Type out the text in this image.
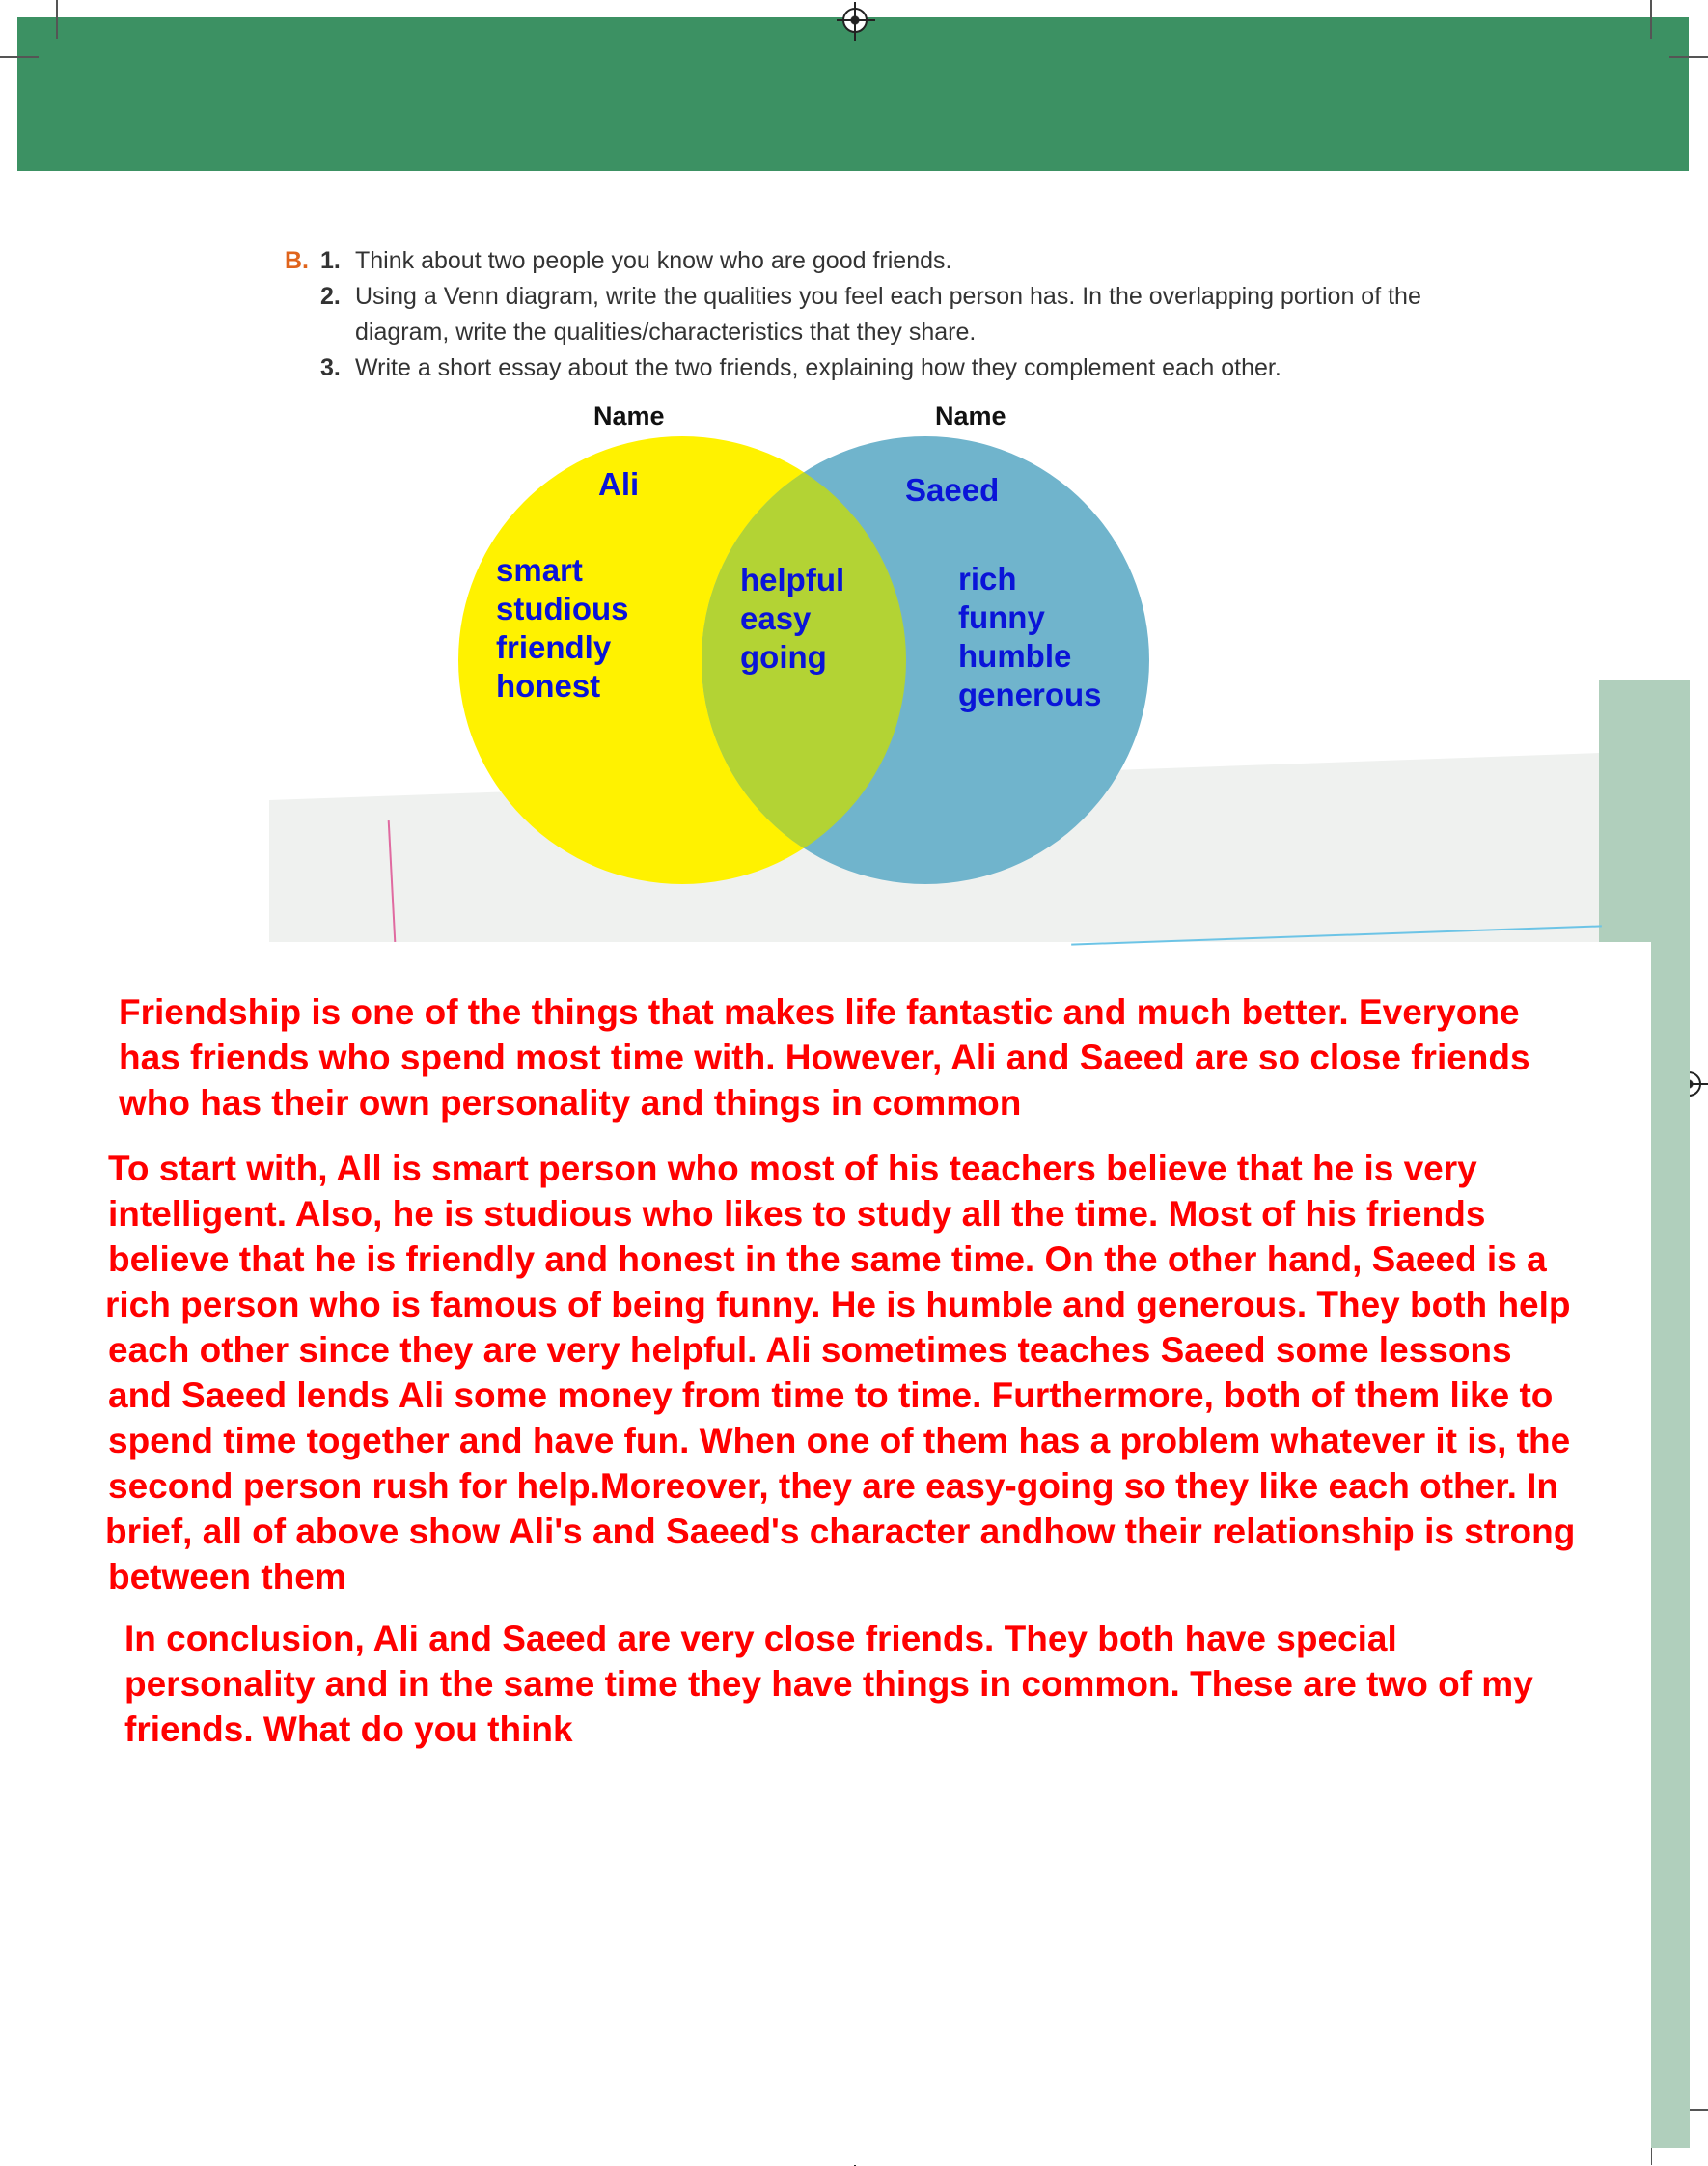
B. 1. Think about two people you know who are good friends.
2. Using a Venn diagram, write the qualities you feel each person has. In the overlapping portion of the
diagram, write the qualities/characteristics that they share.
3. Write a short essay about the two friends, explaining how they complement each other.
Name	Name
Ali	Saeed
smart
studious
friendly
honest
helpful
easy
going
rich
funny
humble
generous
Friendship is one of the things that makes life fantastic and much better. Everyone
has friends who spend most time with. However, Ali and Saeed are so close friends
who has their own personality and things in common
To start with, All is smart person who most of his teachers believe that he is very
intelligent. Also, he is studious who likes to study all the time. Most of his friends
believe that he is friendly and honest in the same time. On the other hand, Saeed is a
rich person who is famous of being funny. He is humble and generous. They both help
each other since they are very helpful. Ali sometimes teaches Saeed some lessons
and Saeed lends Ali some money from time to time. Furthermore, both of them like to
spend time together and have fun. When one of them has a problem whatever it is, the
second person rush for help.Moreover, they are easy-going so they like each other. In
brief, all of above show Ali's and Saeed's character andhow their relationship is strong
between them
In conclusion, Ali and Saeed are very close friends. They both have special
personality and in the same time they have things in common. These are two of my
friends. What do you think
